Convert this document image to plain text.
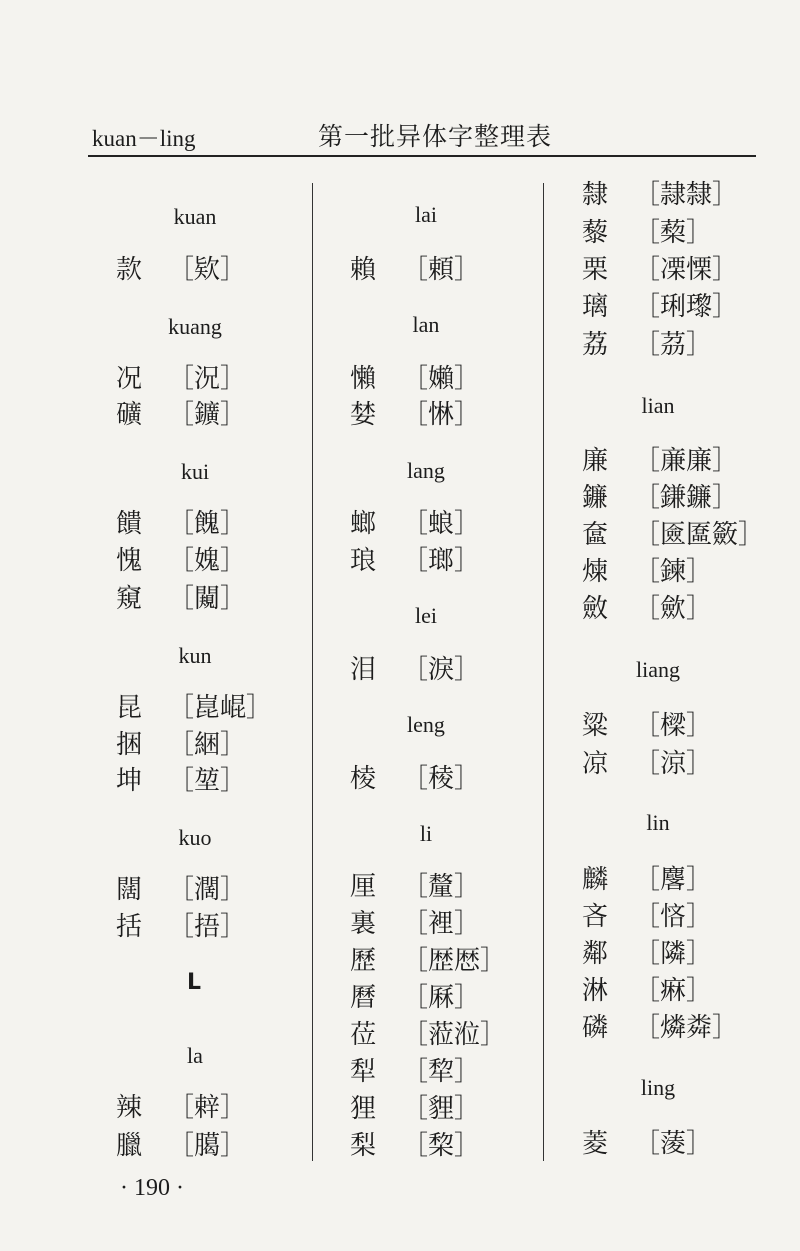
kuan－ling	第一批异体字整理表
kuan
款 ［欵］
kuang
况 ［況］
礦 ［鑛］
kui
饋 ［餽］
愧 ［媿］
窺 ［闚］
kun
昆 ［崑崐］
捆 ［綑］
坤 ［堃］
kuo
闊 ［濶］
括 ［捂］
L
la
辣 ［辢］
臘 ［臈］
lai
賴 ［頼］
lan
懶 ［嬾］
婪 ［惏］
lang
螂 ［蜋］
琅 ［瑯］
lei
泪 ［淚］
leng
棱 ［稜］
li
厘 ［釐］
裏 ［裡］
歷 ［歴厯］
曆 ［厤］
莅 ［蒞涖］
犁 ［犂］
狸 ［貍］
梨 ［棃］
隸 ［隷隸］
藜 ［蔾］
栗 ［凓慄］
璃 ［琍瓈］
荔 ［茘］
lian
廉 ［亷廉］
鐮 ［鎌鐮］
奩 ［匳匲籢］
煉 ［鍊］
斂 ［歛］
liang
粱 ［樑］
凉 ［涼］
lin
麟 ［麐］
吝 ［悋］
鄰 ［隣］
淋 ［痳］
磷 ［燐粦］
ling
菱 ［蔆］
· 190 ·
